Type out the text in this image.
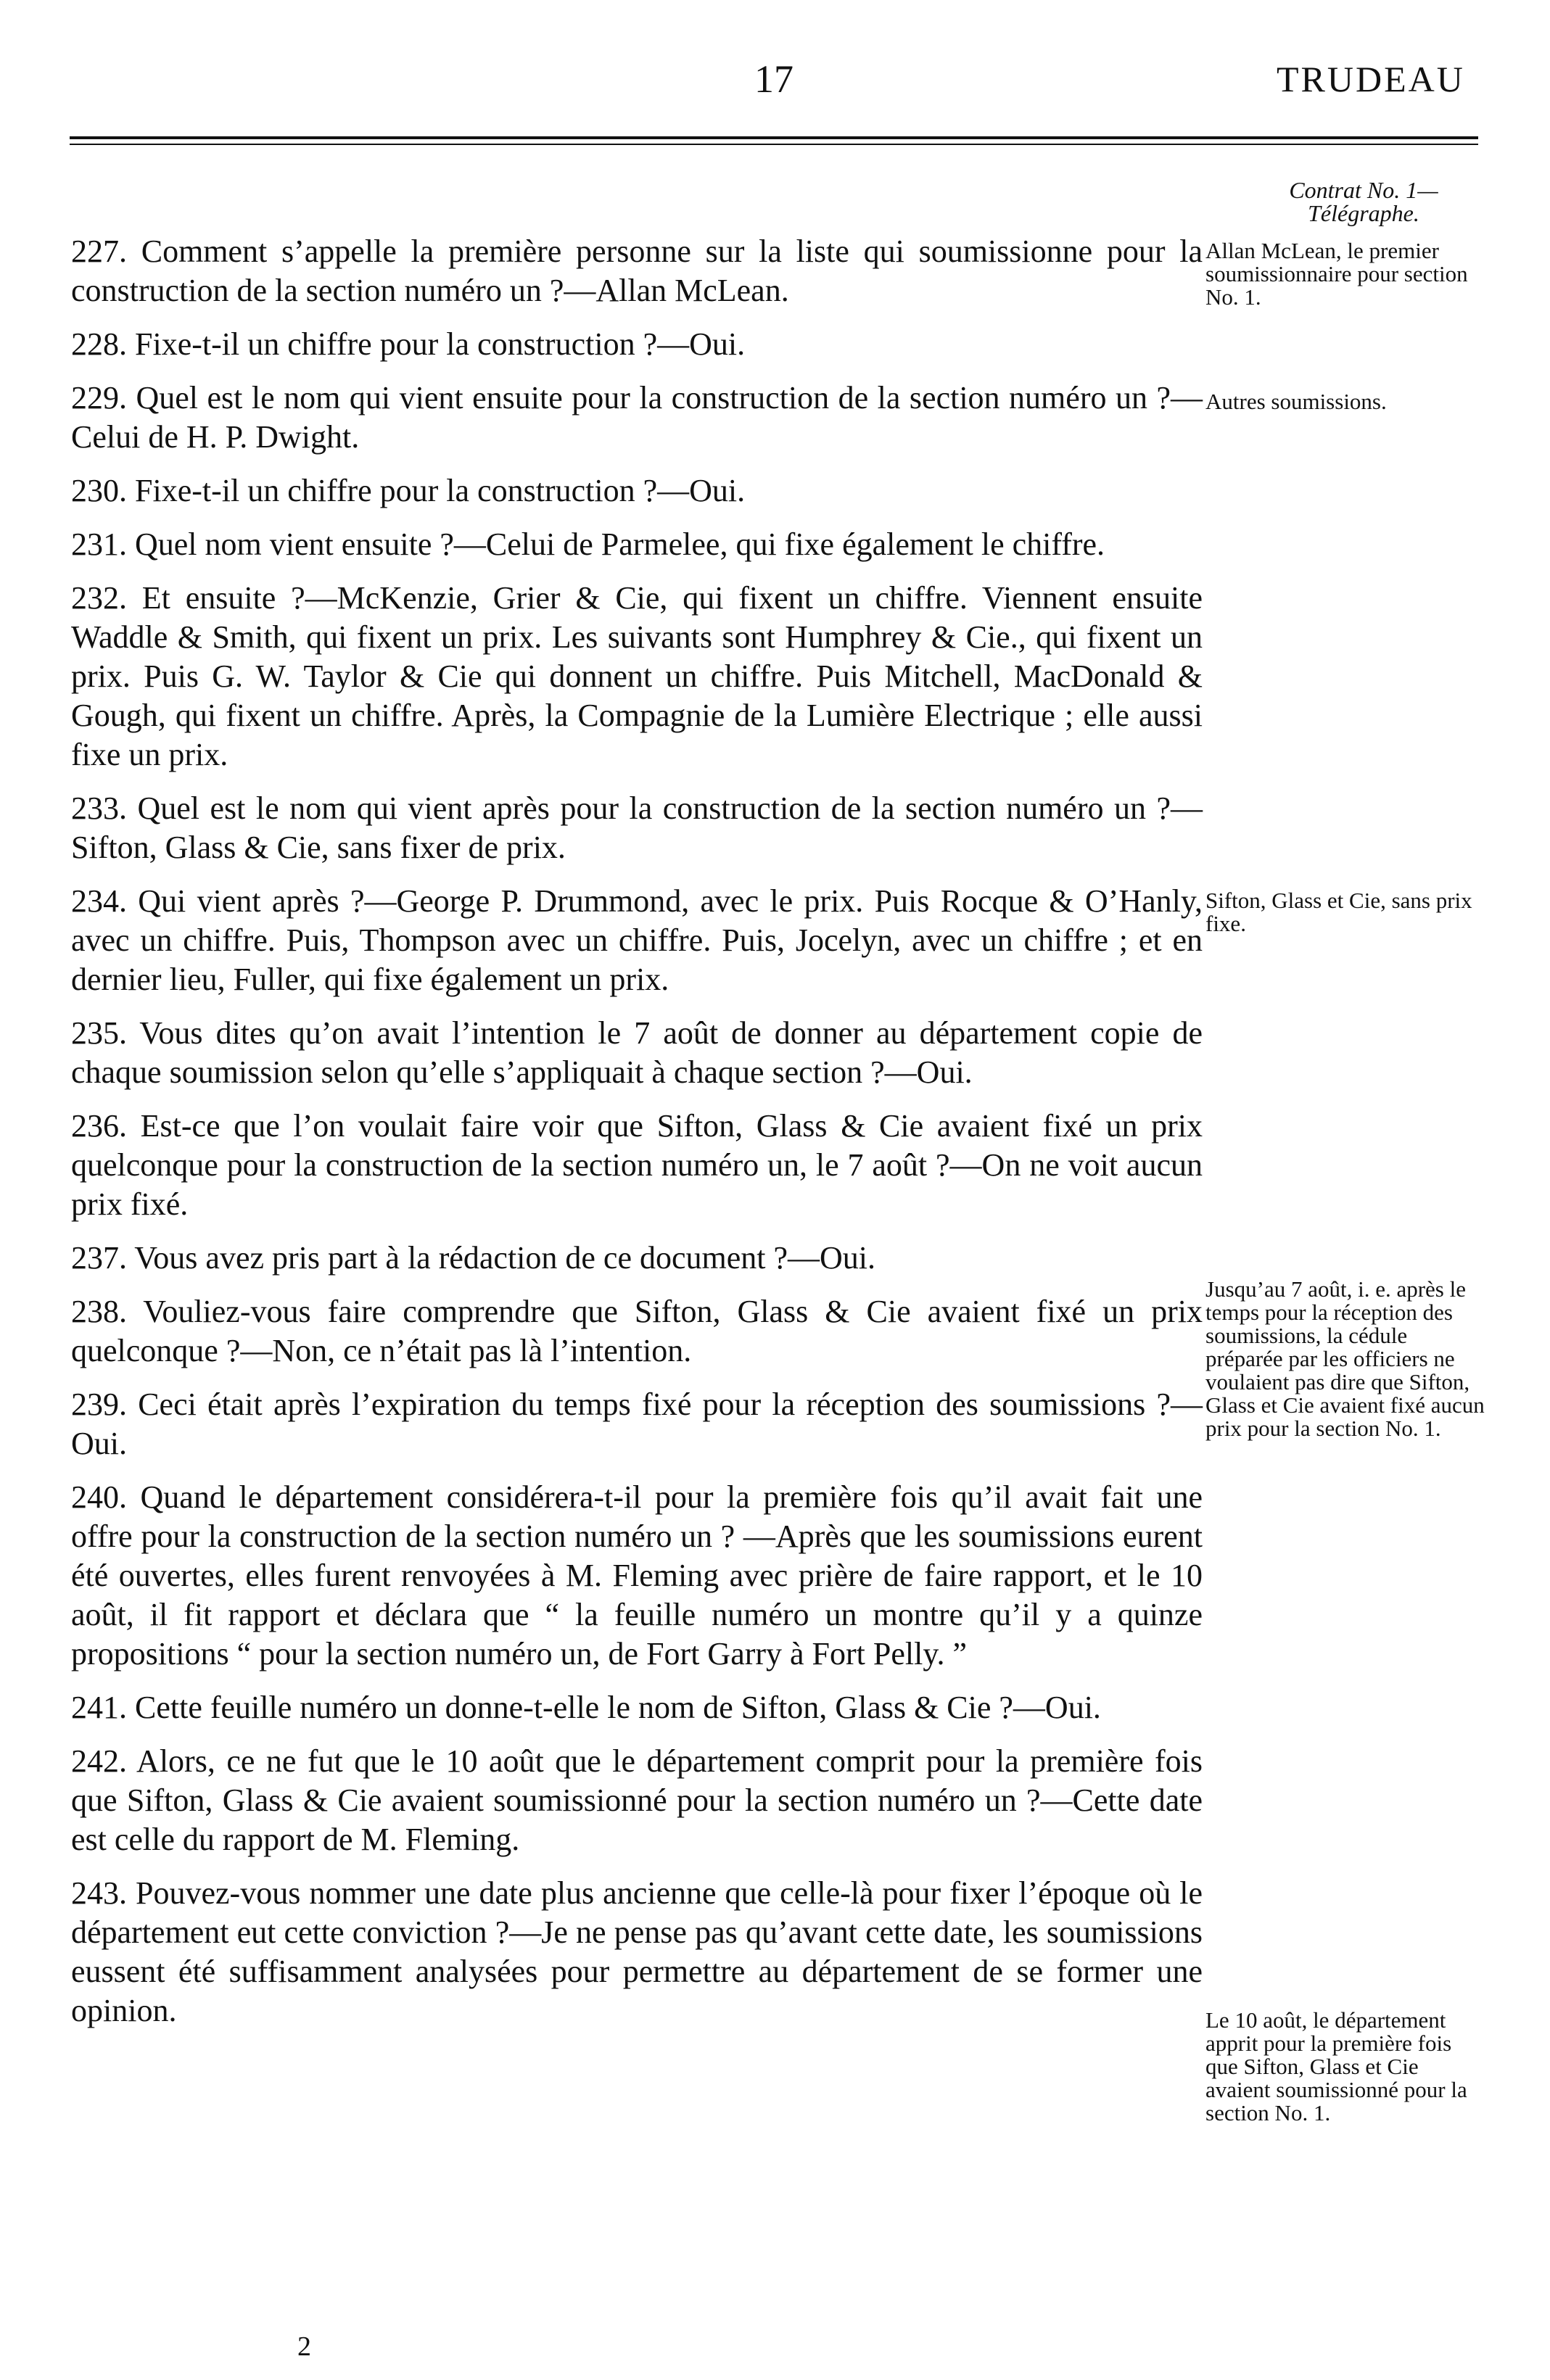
17	TRUDEAU
Contrat No. 1— Télégraphe.

227. Comment s’appelle la première personne sur la liste qui soumissionne pour la construction de la section numéro un ?—Allan McLean.

228. Fixe-t-il un chiffre pour la construction ?—Oui.

229. Quel est le nom qui vient ensuite pour la construction de la section numéro un ?—Celui de H. P. Dwight.

230. Fixe-t-il un chiffre pour la construction ?—Oui.

231. Quel nom vient ensuite ?—Celui de Parmelee, qui fixe également le chiffre.

232. Et ensuite ?—McKenzie, Grier & Cie, qui fixent un chiffre. Viennent ensuite Waddle & Smith, qui fixent un prix. Les suivants sont Humphrey & Cie., qui fixent un prix. Puis G. W. Taylor & Cie qui donnent un chiffre. Puis Mitchell, MacDonald & Gough, qui fixent un chiffre. Après, la Compagnie de la Lumière Electrique ; elle aussi fixe un prix.

233. Quel est le nom qui vient après pour la construction de la section numéro un ?—Sifton, Glass & Cie, sans fixer de prix.

234. Qui vient après ?—George P. Drummond, avec le prix. Puis Rocque & O’Hanly, avec un chiffre. Puis, Thompson avec un chiffre. Puis, Jocelyn, avec un chiffre ; et en dernier lieu, Fuller, qui fixe également un prix.

235. Vous dites qu’on avait l’intention le 7 août de donner au département copie de chaque soumission selon qu’elle s’appliquait à chaque section ?—Oui.

236. Est-ce que l’on voulait faire voir que Sifton, Glass & Cie avaient fixé un prix quelconque pour la construction de la section numéro un, le 7 août ?—On ne voit aucun prix fixé.

237. Vous avez pris part à la rédaction de ce document ?—Oui.

238. Vouliez-vous faire comprendre que Sifton, Glass & Cie avaient fixé un prix quelconque ?—Non, ce n’était pas là l’intention.

239. Ceci était après l’expiration du temps fixé pour la réception des soumissions ?—Oui.

240. Quand le département considérera-t-il pour la première fois qu’il avait fait une offre pour la construction de la section numéro un ? —Après que les soumissions eurent été ouvertes, elles furent renvoyées à M. Fleming avec prière de faire rapport, et le 10 août, il fit rapport et déclara que “ la feuille numéro un montre qu’il y a quinze propositions “ pour la section numéro un, de Fort Garry à Fort Pelly. ”

241. Cette feuille numéro un donne-t-elle le nom de Sifton, Glass & Cie ?—Oui.

242. Alors, ce ne fut que le 10 août que le département comprit pour la première fois que Sifton, Glass & Cie avaient soumissionné pour la section numéro un ?—Cette date est celle du rapport de M. Fleming.

243. Pouvez-vous nommer une date plus ancienne que celle-là pour fixer l’époque où le département eut cette conviction ?—Je ne pense pas qu’avant cette date, les soumissions eussent été suffisamment analysées pour permettre au département de se former une opinion.

Allan McLean, le premier soumissionnaire pour section No. 1.
Autres soumissions.
Sifton, Glass et Cie, sans prix fixe.
Jusqu’au 7 août, i. e. après le temps pour la réception des soumissions, la cédule préparée par les officiers ne voulaient pas dire que Sifton, Glass et Cie avaient fixé aucun prix pour la section No. 1.
Le 10 août, le département apprit pour la première fois que Sifton, Glass et Cie avaient soumissionné pour la section No. 1.
2
